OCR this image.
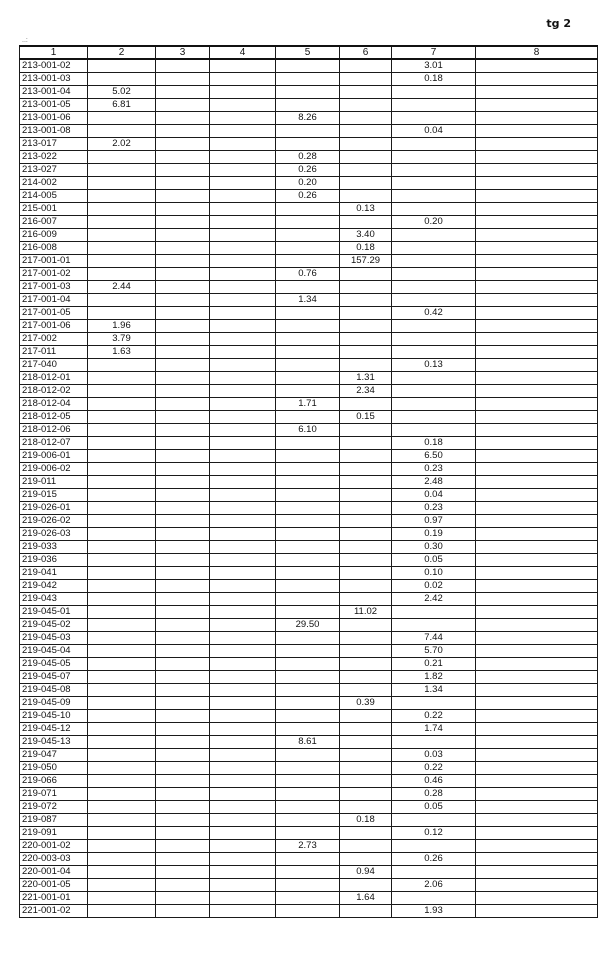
tg 2
..:
1	2	3	4	5	6	7	8
213-001-02						3.01	
213-001-03						0.18	
213-001-04	5.02						
213-001-05	6.81						
213-001-06				8.26			
213-001-08						0.04	
213-017	2.02						
213-022				0.28			
213-027				0.26			
214-002				0.20			
214-005				0.26			
215-001					0.13		
216-007						0.20	
216-009					3.40		
216-008					0.18		
217-001-01					157.29		
217-001-02				0.76			
217-001-03	2.44						
217-001-04				1.34			
217-001-05						0.42	
217-001-06	1.96						
217-002	3.79						
217-011	1.63						
217-040						0.13	
218-012-01					1.31		
218-012-02					2.34		
218-012-04				1.71			
218-012-05					0.15		
218-012-06				6.10			
218-012-07						0.18	
219-006-01						6.50	
219-006-02						0.23	
219-011						2.48	
219-015						0.04	
219-026-01						0.23	
219-026-02						0.97	
219-026-03						0.19	
219-033						0.30	
219-036						0.05	
219-041						0.10	
219-042						0.02	
219-043						2.42	
219-045-01					11.02		
219-045-02				29.50			
219-045-03						7.44	
219-045-04						5.70	
219-045-05						0.21	
219-045-07						1.82	
219-045-08						1.34	
219-045-09					0.39		
219-045-10						0.22	
219-045-12						1.74	
219-045-13				8.61			
219-047						0.03	
219-050						0.22	
219-066						0.46	
219-071						0.28	
219-072						0.05	
219-087					0.18		
219-091						0.12	
220-001-02				2.73			
220-003-03						0.26	
220-001-04					0.94		
220-001-05						2.06	
221-001-01					1.64		
221-001-02						1.93	
